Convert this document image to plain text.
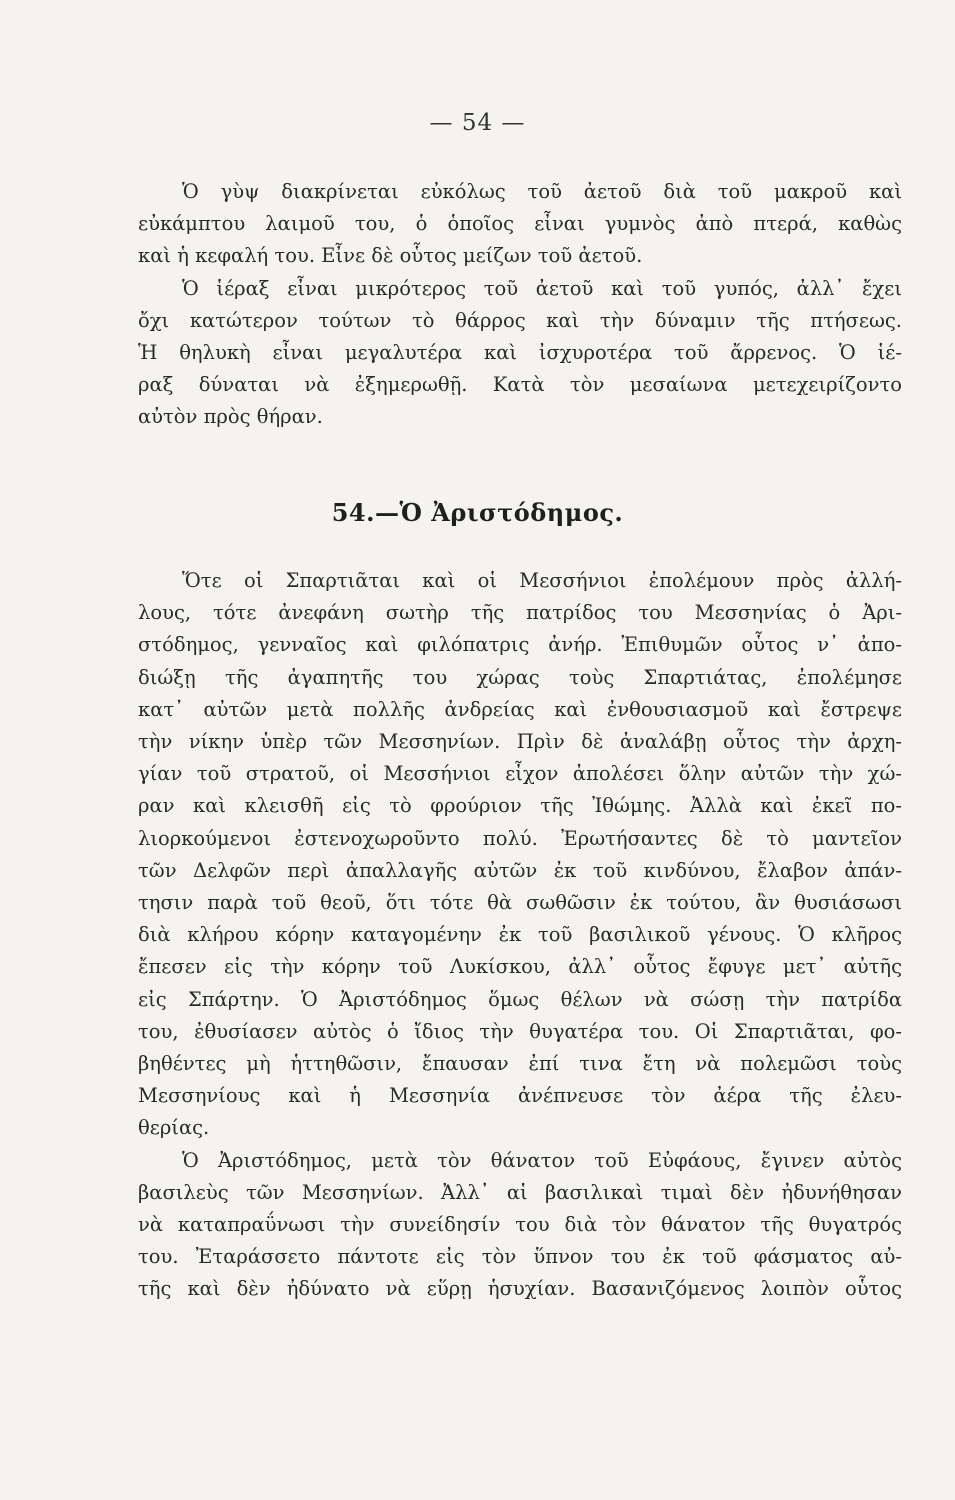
— 54 —
Ὁ γὺψ διακρίνεται εὐκόλως τοῦ ἀετοῦ διὰ τοῦ μακροῦ καὶ
εὐκάμπτου λαιμοῦ του, ὁ ὁποῖος εἶναι γυμνὸς ἀπὸ πτερά, καθὼς
καὶ ἡ κεφαλή του. Εἶνε δὲ οὗτος μείζων τοῦ ἀετοῦ.
Ὁ ἱέραξ εἶναι μικρότερος τοῦ ἀετοῦ καὶ τοῦ γυπός, ἀλλ᾽ ἔχει
ὄχι κατώτερον τούτων τὸ θάρρος καὶ τὴν δύναμιν τῆς πτήσεως.
Ἡ θηλυκὴ εἶναι μεγαλυτέρα καὶ ἰσχυροτέρα τοῦ ἄρρενος. Ὁ ἱέ-
ραξ δύναται νὰ ἐξημερωθῇ. Κατὰ τὸν μεσαίωνα μετεχειρίζοντο
αὐτὸν πρὸς θήραν.
54.—Ὁ Ἀριστόδημος.
Ὅτε οἱ Σπαρτιᾶται καὶ οἱ Μεσσήνιοι ἐπολέμουν πρὸς ἀλλή-
λους, τότε ἀνεφάνη σωτὴρ τῆς πατρίδος του Μεσσηνίας ὁ Ἀρι-
στόδημος, γενναῖος καὶ φιλόπατρις ἀνήρ. Ἐπιθυμῶν οὗτος ν᾽ ἀπο-
διώξῃ τῆς ἀγαπητῆς του χώρας τοὺς Σπαρτιάτας, ἐπολέμησε
κατ᾽ αὐτῶν μετὰ πολλῆς ἀνδρείας καὶ ἐνθουσιασμοῦ καὶ ἔστρεψε
τὴν νίκην ὑπὲρ τῶν Μεσσηνίων. Πρὶν δὲ ἀναλάβῃ οὗτος τὴν ἀρχη-
γίαν τοῦ στρατοῦ, οἱ Μεσσήνιοι εἶχον ἀπολέσει ὅλην αὐτῶν τὴν χώ-
ραν καὶ κλεισθῆ εἰς τὸ φρούριον τῆς Ἰθώμης. Ἀλλὰ καὶ ἐκεῖ πο-
λιορκούμενοι ἐστενοχωροῦντο πολύ. Ἐρωτήσαντες δὲ τὸ μαντεῖον
τῶν Δελφῶν περὶ ἀπαλλαγῆς αὐτῶν ἐκ τοῦ κινδύνου, ἔλαβον ἀπάν-
τησιν παρὰ τοῦ θεοῦ, ὅτι τότε θὰ σωθῶσιν ἐκ τούτου, ἂν θυσιάσωσι
διὰ κλήρου κόρην καταγομένην ἐκ τοῦ βασιλικοῦ γένους. Ὁ κλῆρος
ἔπεσεν εἰς τὴν κόρην τοῦ Λυκίσκου, ἀλλ᾽ οὗτος ἔφυγε μετ᾽ αὐτῆς
εἰς Σπάρτην. Ὁ Ἀριστόδημος ὅμως θέλων νὰ σώσῃ τὴν πατρίδα
του, ἐθυσίασεν αὐτὸς ὁ ἴδιος τὴν θυγατέρα του. Οἱ Σπαρτιᾶται, φο-
βηθέντες μὴ ἡττηθῶσιν, ἔπαυσαν ἐπί τινα ἔτη νὰ πολεμῶσι τοὺς
Μεσσηνίους καὶ ἡ Μεσσηνία ἀνέπνευσε τὸν ἀέρα τῆς ἐλευ-
θερίας.
Ὁ Ἀριστόδημος, μετὰ τὸν θάνατον τοῦ Εὐφάους, ἔγινεν αὐτὸς
βασιλεὺς τῶν Μεσσηνίων. Ἀλλ᾽ αἱ βασιλικαὶ τιμαὶ δὲν ἠδυνήθησαν
νὰ καταπραΰνωσι τὴν συνείδησίν του διὰ τὸν θάνατον τῆς θυγατρός
του. Ἐταράσσετο πάντοτε εἰς τὸν ὕπνον του ἐκ τοῦ φάσματος αὐ-
τῆς καὶ δὲν ἠδύνατο νὰ εὕρῃ ἡσυχίαν. Βασανιζόμενος λοιπὸν οὗτος
